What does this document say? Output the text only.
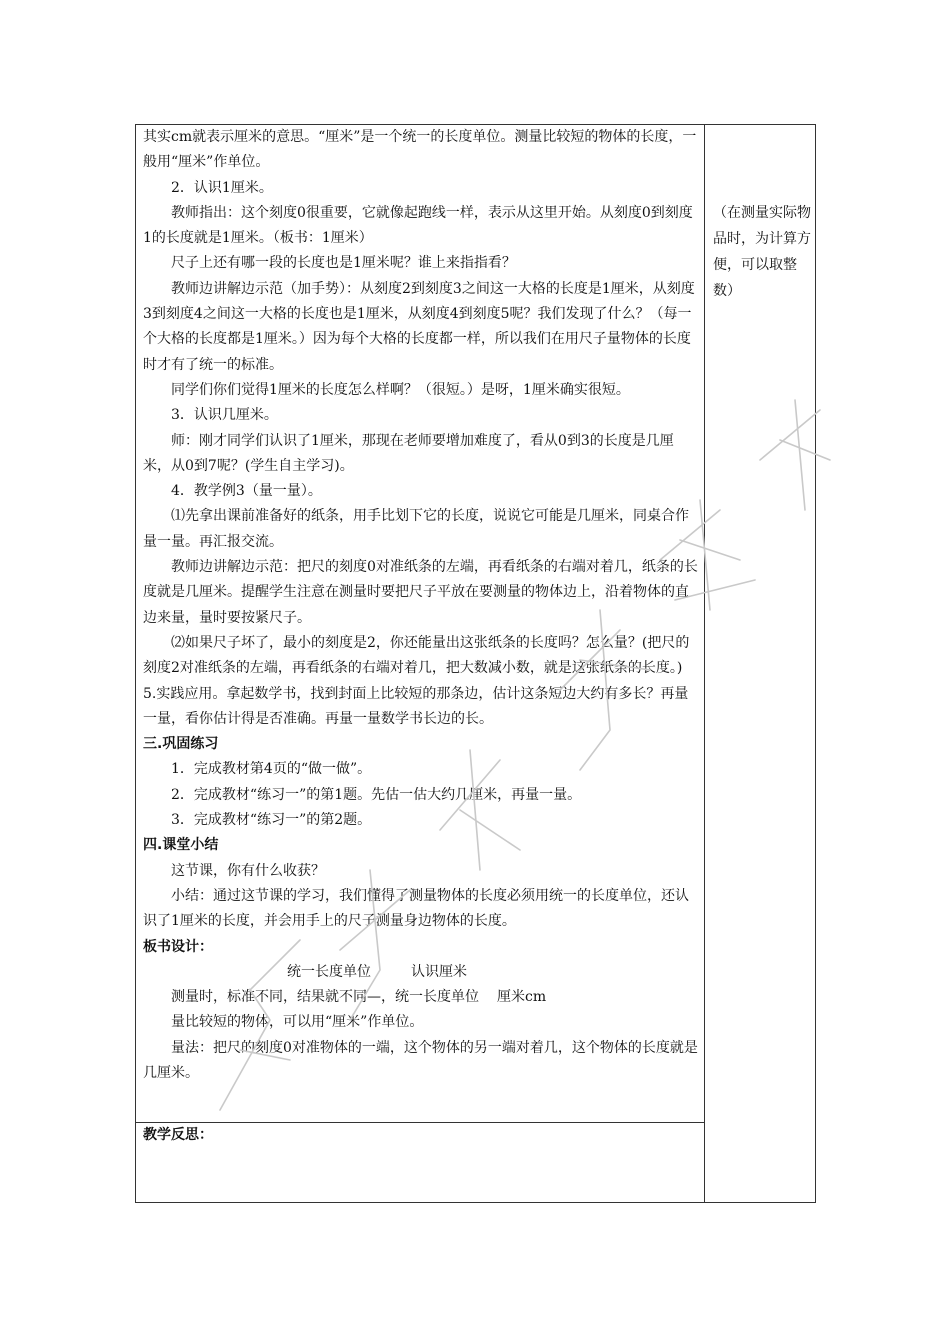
其实cm就表示厘米的意思。“厘米”是一个统一的长度单位。测量比较短的物体的长度，一般用“厘米”作单位。

2．认识1厘米。

教师指出：这个刻度0很重要，它就像起跑线一样，表示从这里开始。从刻度0到刻度1的长度就是1厘米。（板书：1厘米）

尺子上还有哪一段的长度也是1厘米呢？谁上来指指看？

教师边讲解边示范（加手势）：从刻度2到刻度3之间这一大格的长度是1厘米，从刻度3到刻度4之间这一大格的长度也是1厘米，从刻度4到刻度5呢？我们发现了什么？（每一个大格的长度都是1厘米。）因为每个大格的长度都一样，所以我们在用尺子量物体的长度时才有了统一的标准。

同学们你们觉得1厘米的长度怎么样啊？（很短。）是呀，1厘米确实很短。

3．认识几厘米。

师：刚才同学们认识了1厘米，那现在老师要增加难度了，看从0到3的长度是几厘米，从0到7呢？(学生自主学习)。

4．教学例3（量一量）。

⑴先拿出课前准备好的纸条，用手比划下它的长度，说说它可能是几厘米，同桌合作量一量。再汇报交流。

教师边讲解边示范：把尺的刻度0对准纸条的左端，再看纸条的右端对着几，纸条的长度就是几厘米。提醒学生注意在测量时要把尺子平放在要测量的物体边上，沿着物体的直边来量，量时要按紧尺子。

⑵如果尺子坏了，最小的刻度是2，你还能量出这张纸条的长度吗？怎么量？(把尺的刻度2对准纸条的左端，再看纸条的右端对着几，把大数减小数，就是这张纸条的长度。)

5.实践应用。拿起数学书，找到封面上比较短的那条边，估计这条短边大约有多长？再量一量，看你估计得是否准确。再量一量数学书长边的长。

三.巩固练习

1．完成教材第4页的“做一做”。

2．完成教材“练习一”的第1题。先估一估大约几厘米，再量一量。

3．完成教材“练习一”的第2题。

四.课堂小结

这节课，你有什么收获？

小结：通过这节课的学习，我们懂得了测量物体的长度必须用统一的长度单位，还认识了1厘米的长度，并会用手上的尺子测量身边物体的长度。

板书设计：

统一长度单位	认识厘米

测量时，标准不同，结果就不同—，统一长度单位 厘米cm

量比较短的物体，可以用“厘米”作单位。

量法：把尺的刻度0对准物体的一端，这个物体的另一端对着几，这个物体的长度就是几厘米。

教学反思：
（在测量实际物品时，为计算方便，可以取整数）
